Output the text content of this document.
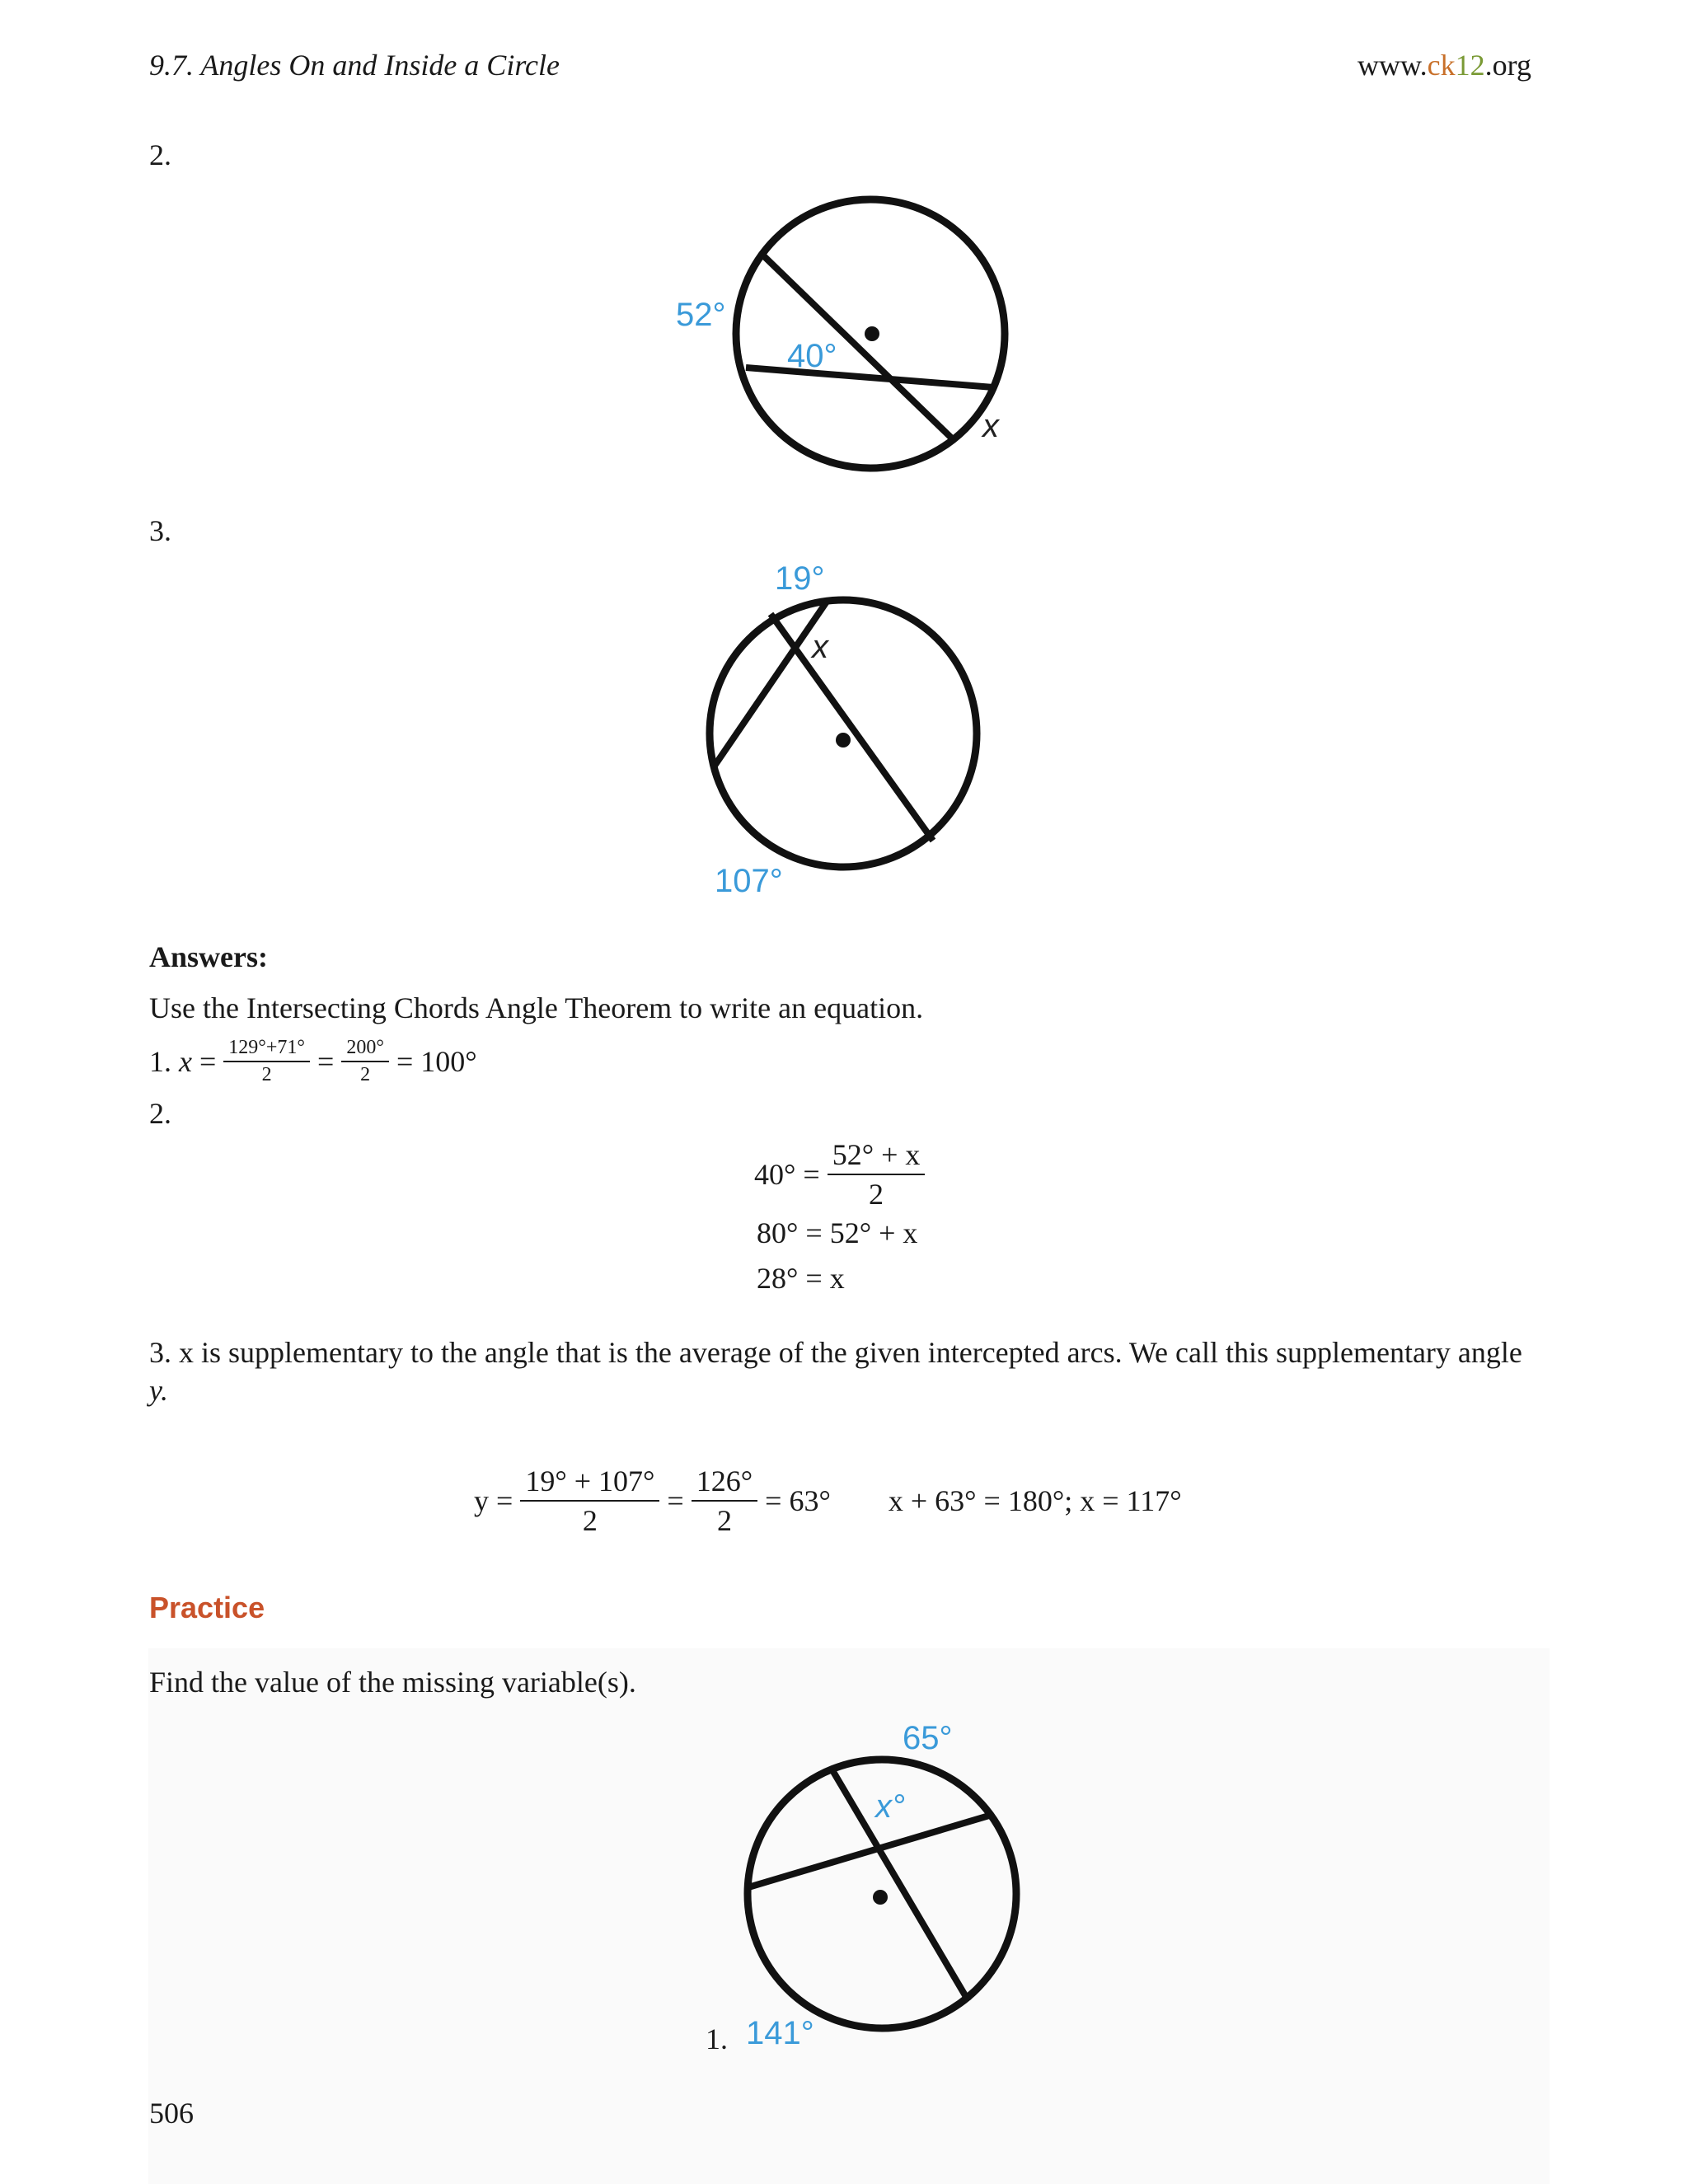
9.7. Angles On and Inside a Circle	www.ck12.org
2.
52°
40°
x
3.
19°
x
107°
Answers:
Use the Intersecting Chords Angle Theorem to write an equation.
1. $x = \frac{129^\circ+71^\circ}{2} = \frac{200^\circ}{2} = 100^\circ$
2.
$40^\circ = \frac{52^\circ + x}{2}$
80° = 52° + x
28° = x
3. x is supplementary to the angle that is the average of the given intercepted arcs. We call this supplementary angle
y.
$y = \frac{19^\circ + 107^\circ}{2} = \frac{126^\circ}{2} = 63^\circ$ x + 63° = 180°; x = 117°
Practice
Find the value of the missing variable(s).
65°
x°
141°
1.
506
